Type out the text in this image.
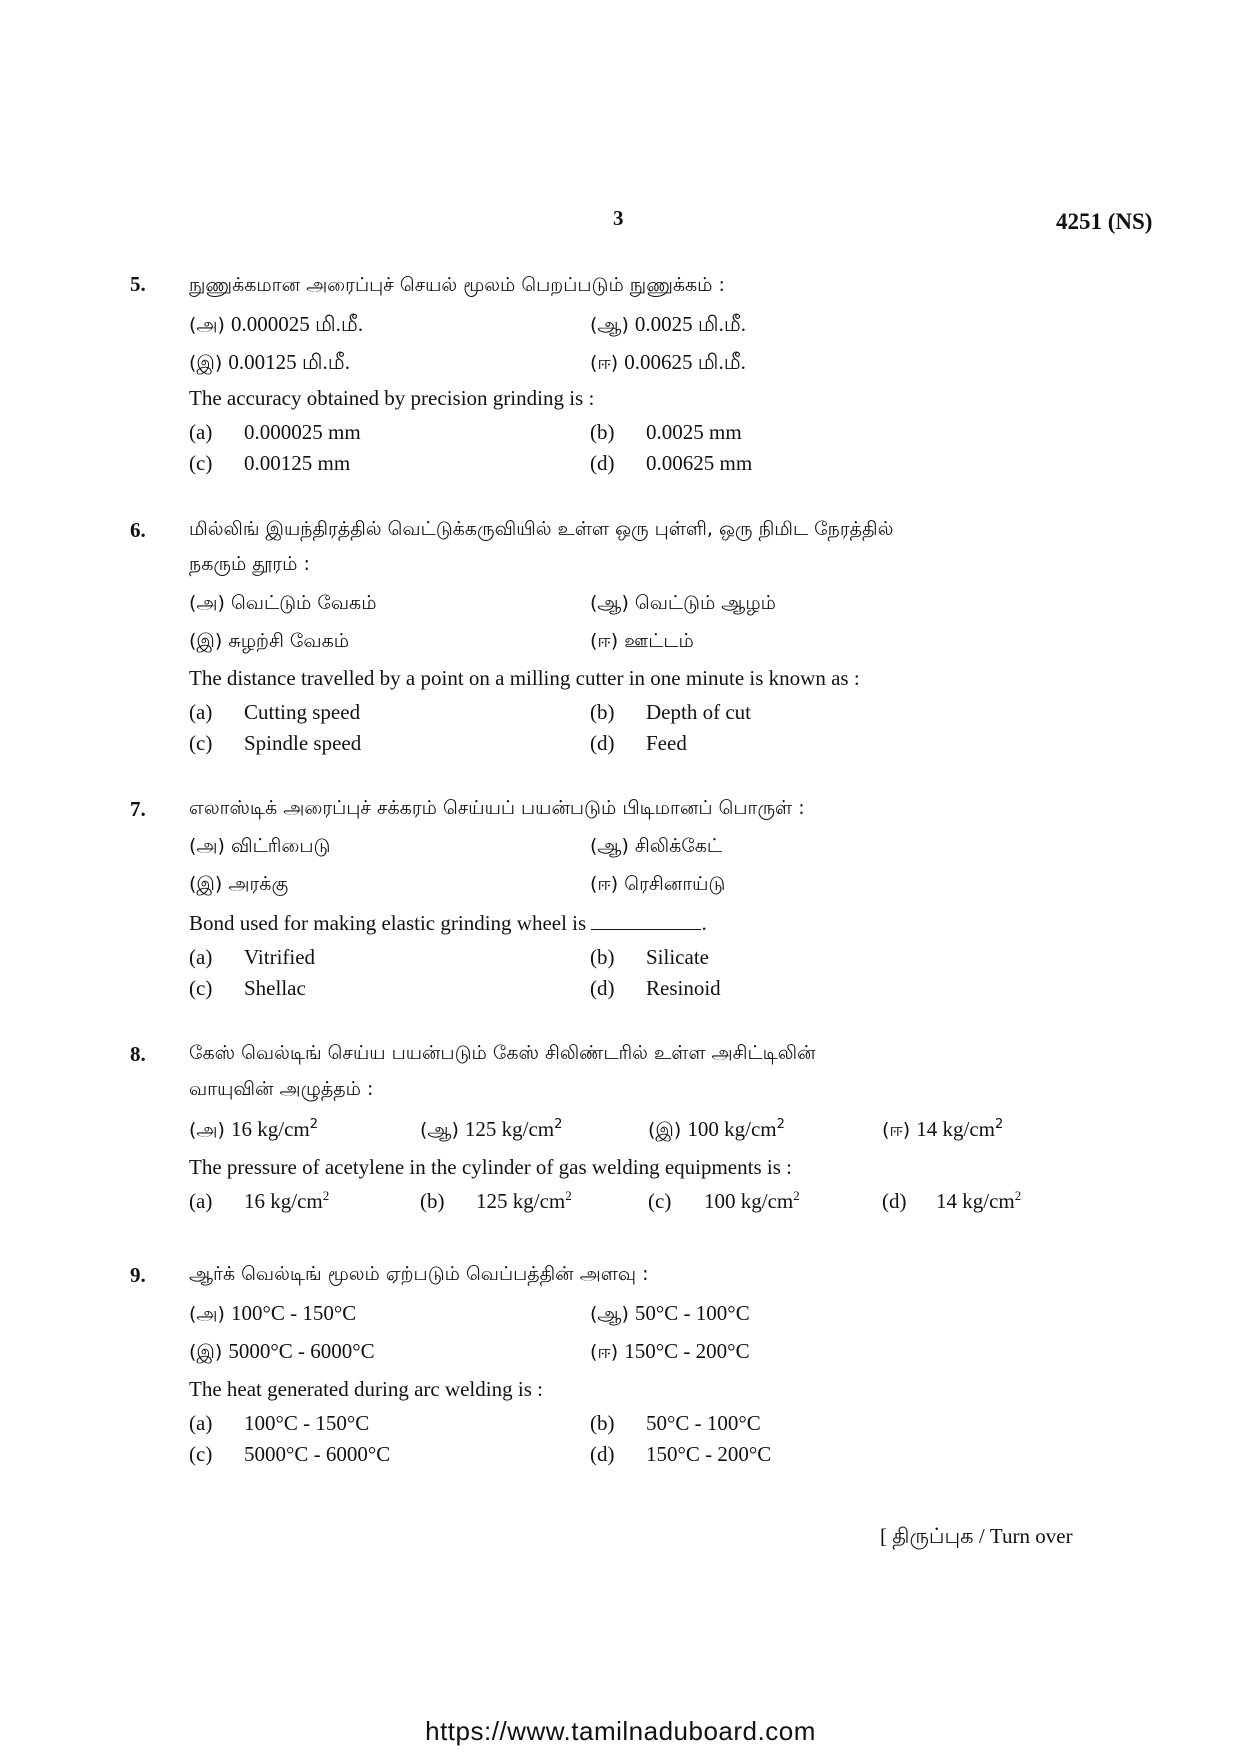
3	4251 (NS)
5. நுணுக்கமான அரைப்புச் செயல் மூலம் பெறப்படும் நுணுக்கம் :
(அ) 0.000025 மி.மீ.	(ஆ) 0.0025 மி.மீ.
(இ) 0.00125 மி.மீ.	(ஈ) 0.00625 மி.மீ.
The accuracy obtained by precision grinding is :
(a) 0.000025 mm	(b) 0.0025 mm
(c) 0.00125 mm	(d) 0.00625 mm
6. மில்லிங் இயந்திரத்தில் வெட்டுக்கருவியில் உள்ள ஒரு புள்ளி, ஒரு நிமிட நேரத்தில்
நகரும் தூரம் :
(அ) வெட்டும் வேகம்	(ஆ) வெட்டும் ஆழம்
(இ) சுழற்சி வேகம்	(ஈ) ஊட்டம்
The distance travelled by a point on a milling cutter in one minute is known as :
(a) Cutting speed	(b) Depth of cut
(c) Spindle speed	(d) Feed
7. எலாஸ்டிக் அரைப்புச் சக்கரம் செய்யப் பயன்படும் பிடிமானப் பொருள் :
(அ) விட்ரிபைடு	(ஆ) சிலிக்கேட்
(இ) அரக்கு	(ஈ) ரெசினாய்டு
Bond used for making elastic grinding wheel is	.
(a) Vitrified	(b) Silicate
(c) Shellac	(d) Resinoid
8. கேஸ் வெல்டிங் செய்ய பயன்படும் கேஸ் சிலிண்டரில் உள்ள அசிட்டிலின்
வாயுவின் அழுத்தம் :
(அ) 16 $kg/cm^2$	(ஆ) 125 $kg/cm^2$	(இ) 100 $kg/cm^2$	(ஈ) 14 $kg/cm^2$
The pressure of acetylene in the cylinder of gas welding equipments is :
(a) 16 $kg/cm^2$	(b) 125 $kg/cm^2$	(c) 100 $kg/cm^2$	(d) 14 $kg/cm^2$
9. ஆர்க் வெல்டிங் மூலம் ஏற்படும் வெப்பத்தின் அளவு :
(அ) 100°C - 150°C	(ஆ) 50°C - 100°C
(இ) 5000°C - 6000°C	(ஈ) 150°C - 200°C
The heat generated during arc welding is :
(a) 100°C - 150°C	(b) 50°C - 100°C
(c) 5000°C - 6000°C	(d) 150°C - 200°C
[ திருப்புக / Turn over
https://www.tamilnaduboard.com
